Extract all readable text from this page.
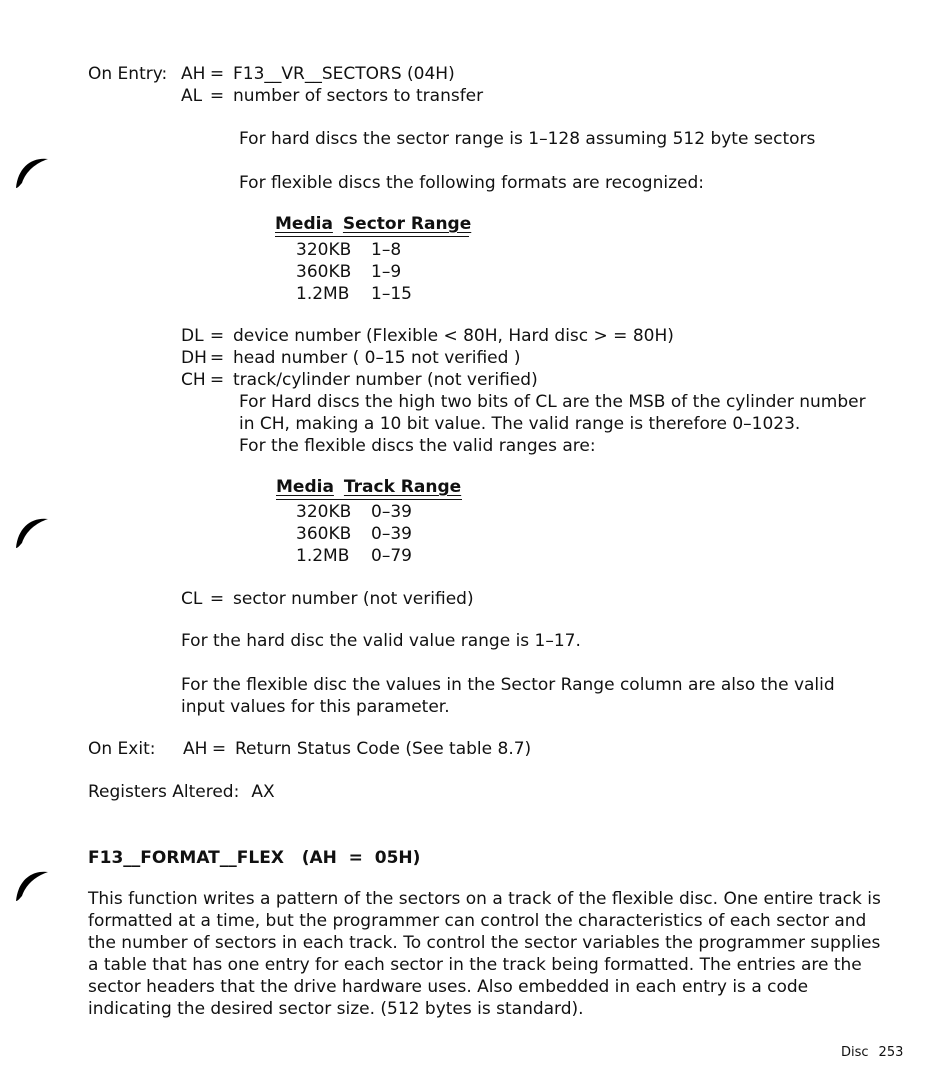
On Entry: AH = F13__VR__SECTORS (04H)
AL = number of sectors to transfer
For hard discs the sector range is 1–128 assuming 512 byte sectors
For flexible discs the following formats are recognized:
Media Sector Range
320KB 1–8
360KB 1–9
1.2MB 1–15
DL = device number (Flexible < 80H, Hard disc > = 80H)
DH = head number ( 0–15 not verified )
CH = track/cylinder number (not verified)
For Hard discs the high two bits of CL are the MSB of the cylinder number in CH, making a 10 bit value. The valid range is therefore 0–1023.
For the flexible discs the valid ranges are:
Media Track Range
320KB 0–39
360KB 0–39
1.2MB 0–79
CL = sector number (not verified)
For the hard disc the valid value range is 1–17.
For the flexible disc the values in the Sector Range column are also the valid input values for this parameter.
On Exit: AH = Return Status Code (See table 8.7)
Registers Altered: AX
F13__FORMAT__FLEX   (AH  =  05H)
This function writes a pattern of the sectors on a track of the flexible disc. One entire track is formatted at a time, but the programmer can control the characteristics of each sector and the number of sectors in each track. To control the sector variables the programmer supplies a table that has one entry for each sector in the track being formatted. The entries are the sector headers that the drive hardware uses. Also embedded in each entry is a code indicating the desired sector size. (512 bytes is standard).
Disc 253
